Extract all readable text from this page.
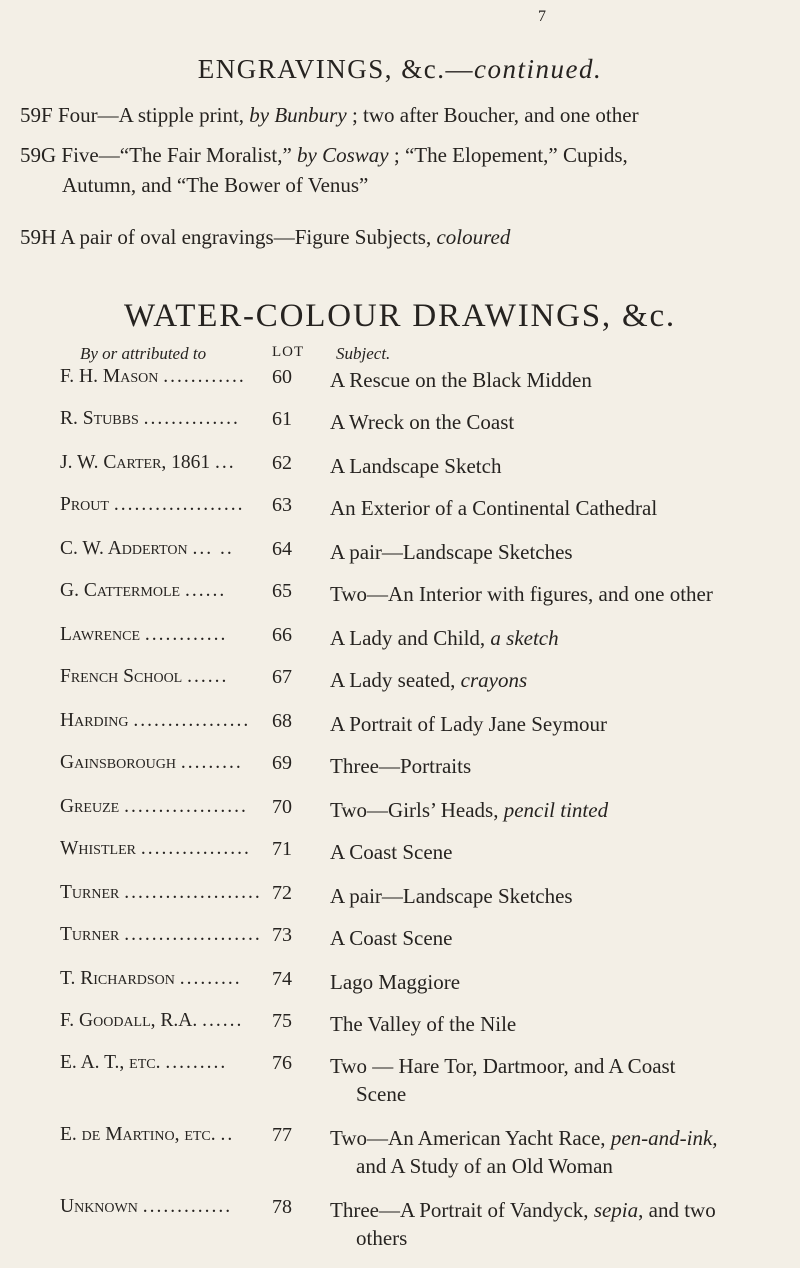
7
ENGRAVINGS, &c.—continued.
59F Four—A stipple print, by Bunbury ; two after Boucher, and one other
59G Five—“The Fair Moralist,” by Cosway ; “The Elopement,” Cupids,
Autumn, and “The Bower of Venus”
59H A pair of oval engravings—Figure Subjects, coloured
WATER-COLOUR DRAWINGS, &c.
By or attributed to	LOT Subject.
F. H. Mason ............	60	A Rescue on the Black Midden
R. Stubbs ..............	61	A Wreck on the Coast
J. W. Carter, 1861 ...	62	A Landscape Sketch
Prout ...................	63	An Exterior of a Continental Cathedral
C. W. Adderton ... ..	64	A pair—Landscape Sketches
G. Cattermole ......	65	Two—An Interior with figures, and one other
Lawrence ............	66	A Lady and Child, a sketch
French School ......	67	A Lady seated, crayons
Harding .................	68	A Portrait of Lady Jane Seymour
Gainsborough .........	69	Three—Portraits
Greuze ..................	70	Two—Girls’ Heads, pencil tinted
Whistler ................	71	A Coast Scene
Turner .................... 72	A pair—Landscape Sketches
Turner .................... 73	A Coast Scene
T. Richardson .........	74	Lago Maggiore
F. Goodall, R.A. ......	75	The Valley of the Nile
E. A. T., etc. .........	76	Two — Hare Tor, Dartmoor, and A Coast
Scene
E. de Martino, etc. ..	77	Two—An American Yacht Race, pen-and-ink,
and A Study of an Old Woman
Unknown .............	78	Three—A Portrait of Vandyck, sepia, and two
others
